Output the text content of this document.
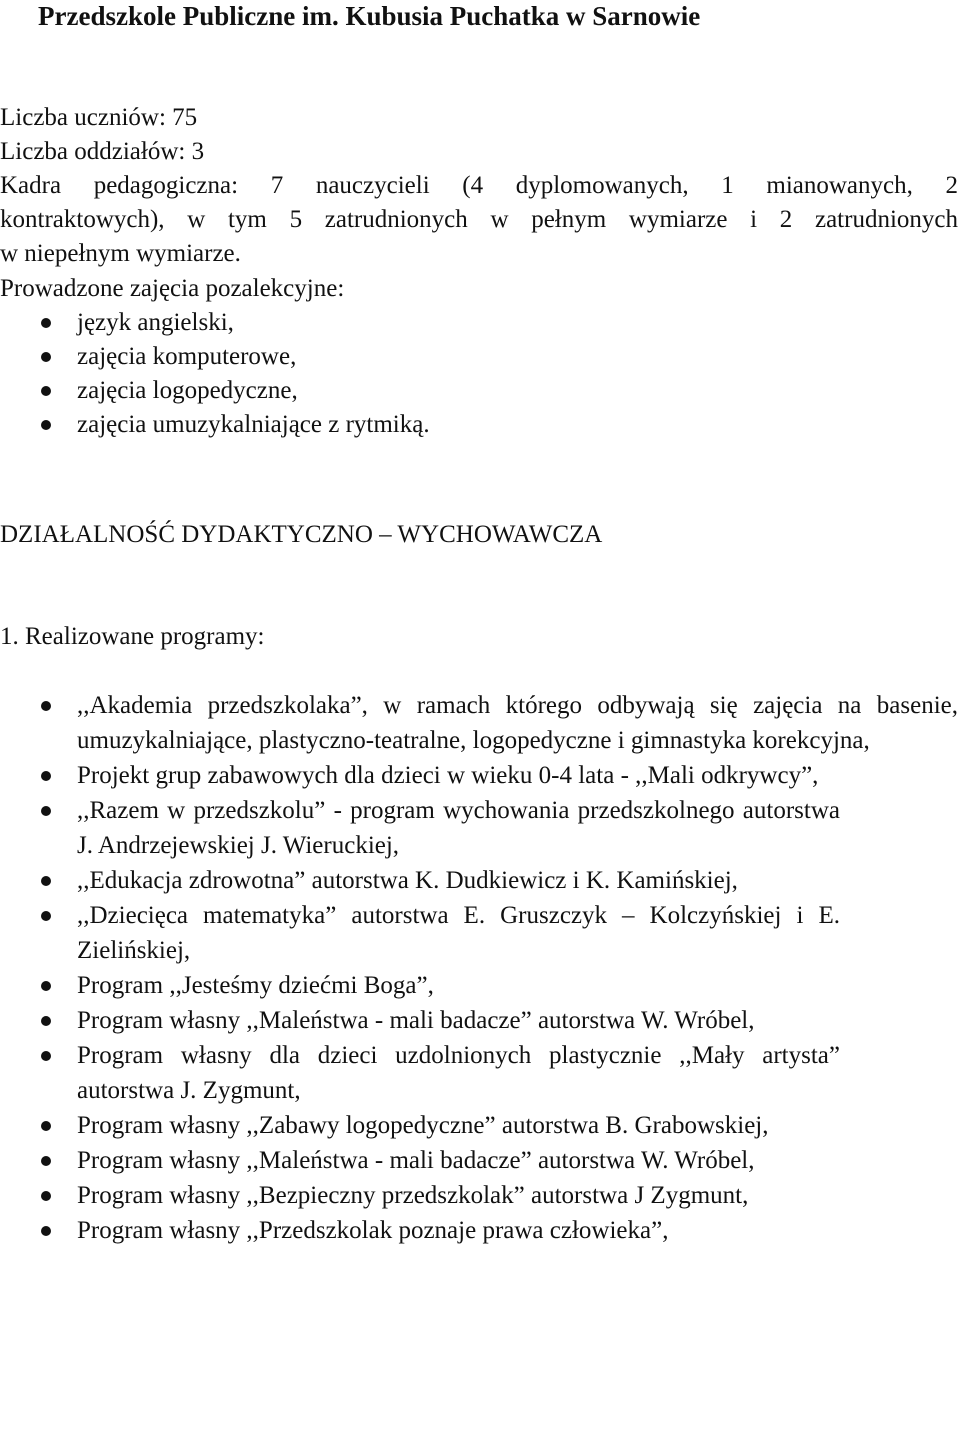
Przedszkole Publiczne im. Kubusia Puchatka w Sarnowie
Liczba uczniów: 75
Liczba oddziałów: 3
Kadra pedagogiczna: 7 nauczycieli (4 dyplomowanych, 1 mianowanych, 2
kontraktowych), w tym 5 zatrudnionych w pełnym wymiarze i 2 zatrudnionych
w niepełnym wymiarze.
Prowadzone zajęcia pozalekcyjne:
język angielski,
zajęcia komputerowe,
zajęcia logopedyczne,
zajęcia umuzykalniające z rytmiką.
DZIAŁALNOŚĆ DYDAKTYCZNO – WYCHOWAWCZA
1. Realizowane programy:
,,Akademia przedszkolaka”, w ramach którego odbywają się zajęcia na basenie, umuzykalniające, plastyczno-teatralne, logopedyczne i gimnastyka korekcyjna,
Projekt grup zabawowych dla dzieci w wieku 0-4 lata - ,,Mali odkrywcy”,
,,Razem w przedszkolu” - program wychowania przedszkolnego autorstwa J. Andrzejewskiej J. Wieruckiej,
,,Edukacja zdrowotna” autorstwa K. Dudkiewicz i K. Kamińskiej,
,,Dziecięca matematyka” autorstwa E. Gruszczyk – Kolczyńskiej i E. Zielińskiej,
Program ,,Jesteśmy dziećmi Boga”,
Program własny ,,Maleństwa - mali badacze” autorstwa W. Wróbel,
Program własny dla dzieci uzdolnionych plastycznie ,,Mały artysta” autorstwa J. Zygmunt,
Program własny ,,Zabawy logopedyczne” autorstwa B. Grabowskiej,
Program własny ,,Maleństwa - mali badacze” autorstwa W. Wróbel,
Program własny ,,Bezpieczny przedszkolak” autorstwa J Zygmunt,
Program własny ,,Przedszkolak poznaje prawa człowieka”,
